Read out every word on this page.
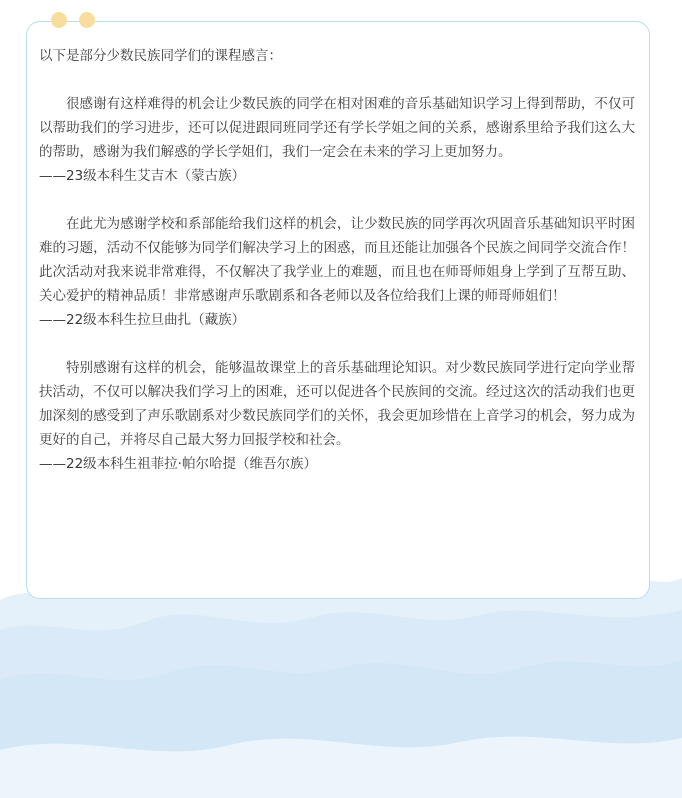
以下是部分少数民族同学们的课程感言：

很感谢有这样难得的机会让少数民族的同学在相对困难的音乐基础知识学习上得到帮助，不仅可以帮助我们的学习进步，还可以促进跟同班同学还有学长学姐之间的关系，感谢系里给予我们这么大的帮助，感谢为我们解惑的学长学姐们，我们一定会在未来的学习上更加努力。

——23级本科生艾吉木（蒙古族）

在此尤为感谢学校和系部能给我们这样的机会，让少数民族的同学再次巩固音乐基础知识平时困难的习题，活动不仅能够为同学们解决学习上的困惑，而且还能让加强各个民族之间同学交流合作！此次活动对我来说非常难得，不仅解决了我学业上的难题，而且也在师哥师姐身上学到了互帮互助、关心爱护的精神品质！非常感谢声乐歌剧系和各老师以及各位给我们上课的师哥师姐们！

——22级本科生拉旦曲扎（藏族）

特别感谢有这样的机会，能够温故课堂上的音乐基础理论知识。对少数民族同学进行定向学业帮扶活动，不仅可以解决我们学习上的困难，还可以促进各个民族间的交流。经过这次的活动我们也更加深刻的感受到了声乐歌剧系对少数民族同学们的关怀，我会更加珍惜在上音学习的机会，努力成为更好的自己，并将尽自己最大努力回报学校和社会。

——22级本科生祖菲拉·帕尔哈提（维吾尔族）
